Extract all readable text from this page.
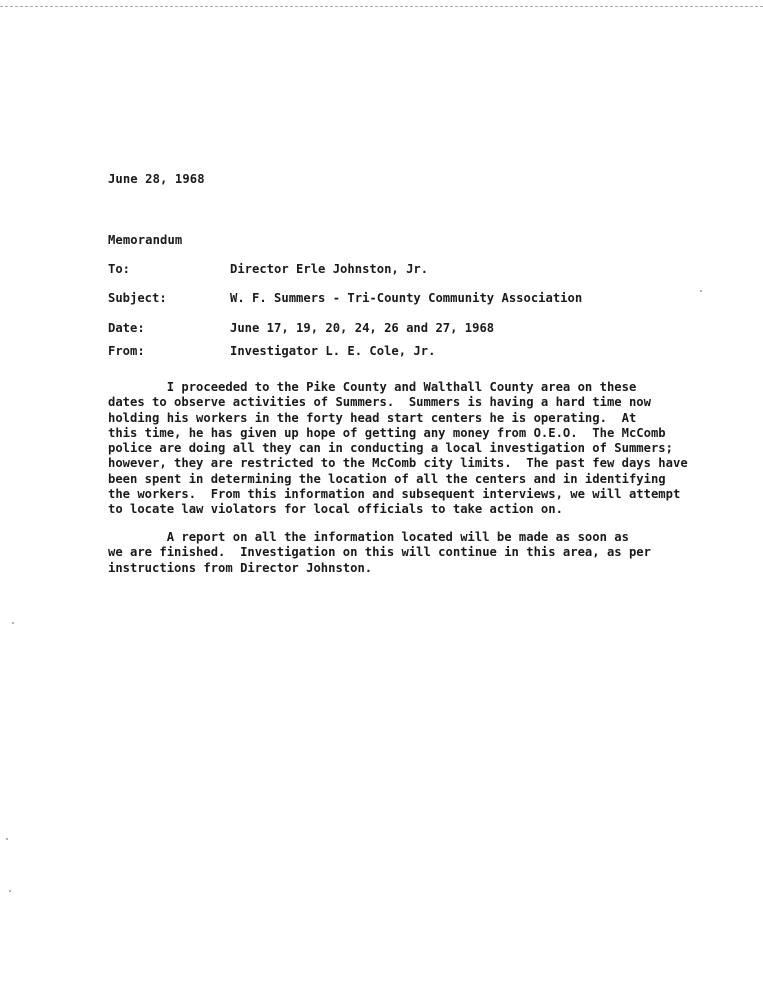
June 28, 1968
Memorandum
To:	Director Erle Johnston, Jr.
Subject:	W. F. Summers - Tri-County Community Association
Date:	June 17, 19, 20, 24, 26 and 27, 1968
From:	Investigator L. E. Cole, Jr.
I proceeded to the Pike County and Walthall County area on these
dates to observe activities of Summers.  Summers is having a hard time now
holding his workers in the forty head start centers he is operating.  At
this time, he has given up hope of getting any money from O.E.O.  The McComb
police are doing all they can in conducting a local investigation of Summers;
however, they are restricted to the McComb city limits.  The past few days have
been spent in determining the location of all the centers and in identifying
the workers.  From this information and subsequent interviews, we will attempt
to locate law violators for local officials to take action on.
A report on all the information located will be made as soon as
we are finished.  Investigation on this will continue in this area, as per
instructions from Director Johnston.
